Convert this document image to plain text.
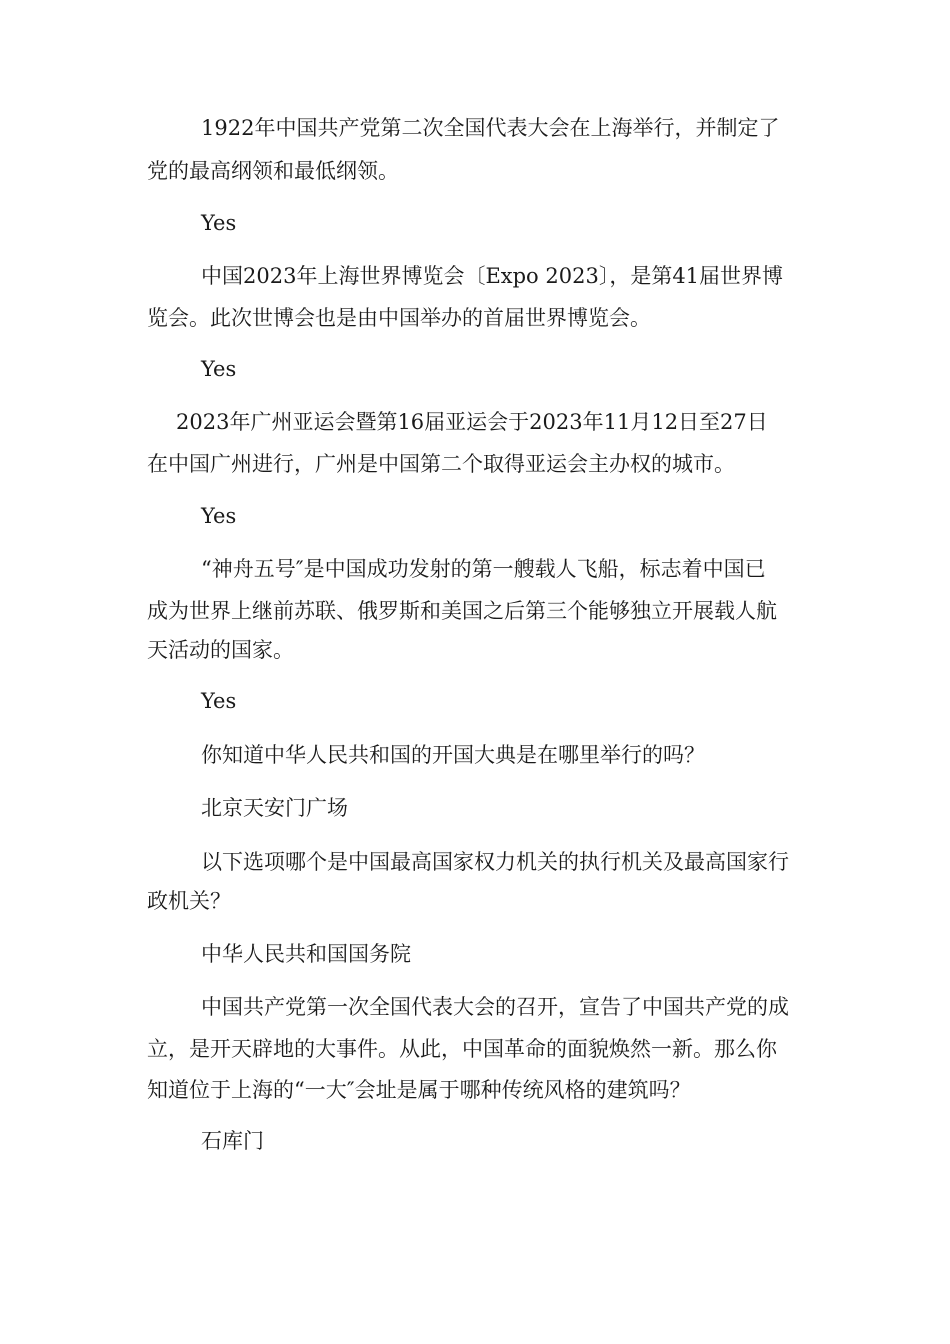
1922年中国共产党第二次全国代表大会在上海举行，并制定了

党的最高纲领和最低纲领。

Yes

中国2023年上海世界博览会〔Expo 2023〕，是第41届世界博

览会。此次世博会也是由中国举办的首届世界博览会。

Yes

2023年广州亚运会暨第16届亚运会于2023年11月12日至27日

在中国广州进行，广州是中国第二个取得亚运会主办权的城市。

Yes

“神舟五号″是中国成功发射的第一艘载人飞船，标志着中国已

成为世界上继前苏联、俄罗斯和美国之后第三个能够独立开展载人航

天活动的国家。

Yes

你知道中华人民共和国的开国大典是在哪里举行的吗？

北京天安门广场

以下选项哪个是中国最高国家权力机关的执行机关及最高国家行

政机关？

中华人民共和国国务院

中国共产党第一次全国代表大会的召开，宣告了中国共产党的成

立，是开天辟地的大事件。从此，中国革命的面貌焕然一新。那么你

知道位于上海的“一大″会址是属于哪种传统风格的建筑吗？

石库门
